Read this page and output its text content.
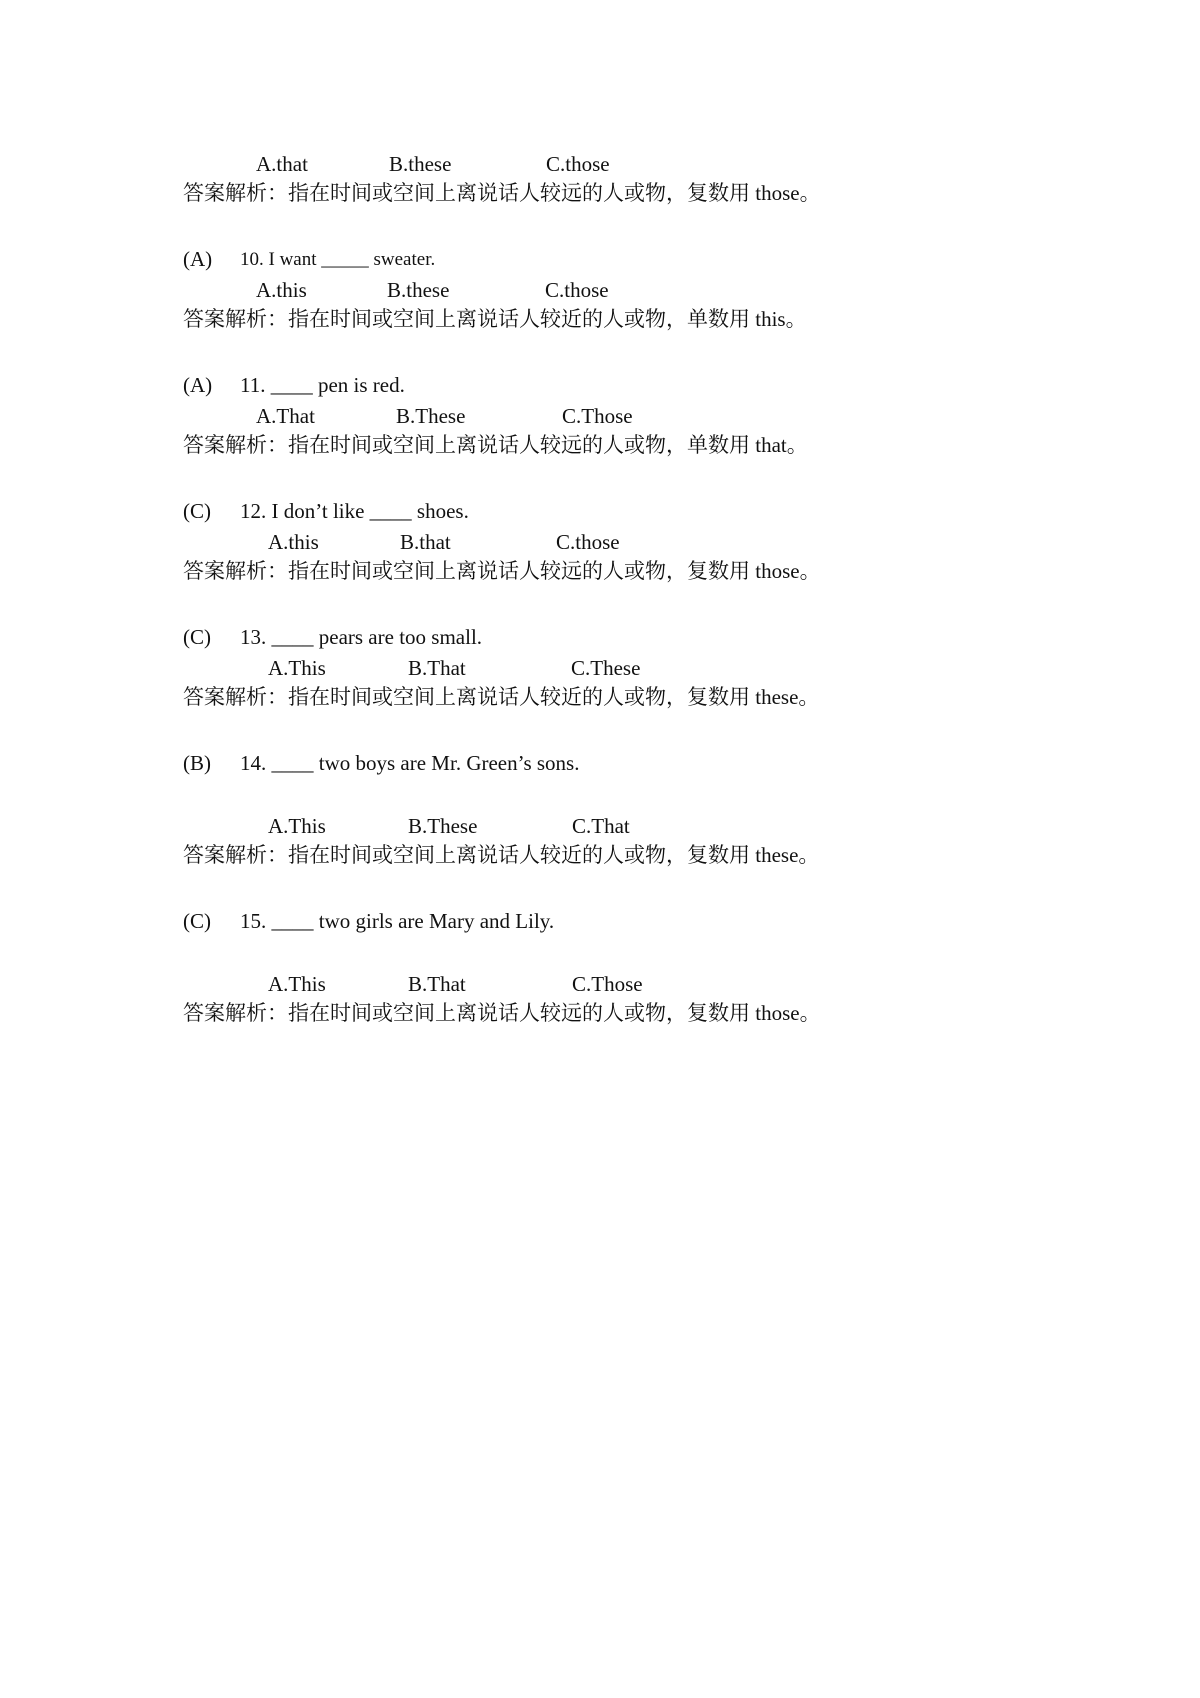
A.that	B.these	C.those
答案解析：指在时间或空间上离说话人较远的人或物，复数用 those。
(A) 10. I want _____ sweater.
A.this	B.these	C.those
答案解析：指在时间或空间上离说话人较近的人或物，单数用 this。
(A) 11. ____ pen is red.
A.That	B.These	C.Those
答案解析：指在时间或空间上离说话人较远的人或物，单数用 that。
(C) 12. I don’t like ____ shoes.
A.this	B.that	C.those
答案解析：指在时间或空间上离说话人较远的人或物，复数用 those。
(C) 13. ____ pears are too small.
A.This	B.That	C.These
答案解析：指在时间或空间上离说话人较近的人或物，复数用 these。
(B) 14. ____ two boys are Mr. Green’s sons.
A.This	B.These	C.That
答案解析：指在时间或空间上离说话人较近的人或物，复数用 these。
(C) 15. ____ two girls are Mary and Lily.
A.This	B.That	C.Those
答案解析：指在时间或空间上离说话人较远的人或物，复数用 those。
